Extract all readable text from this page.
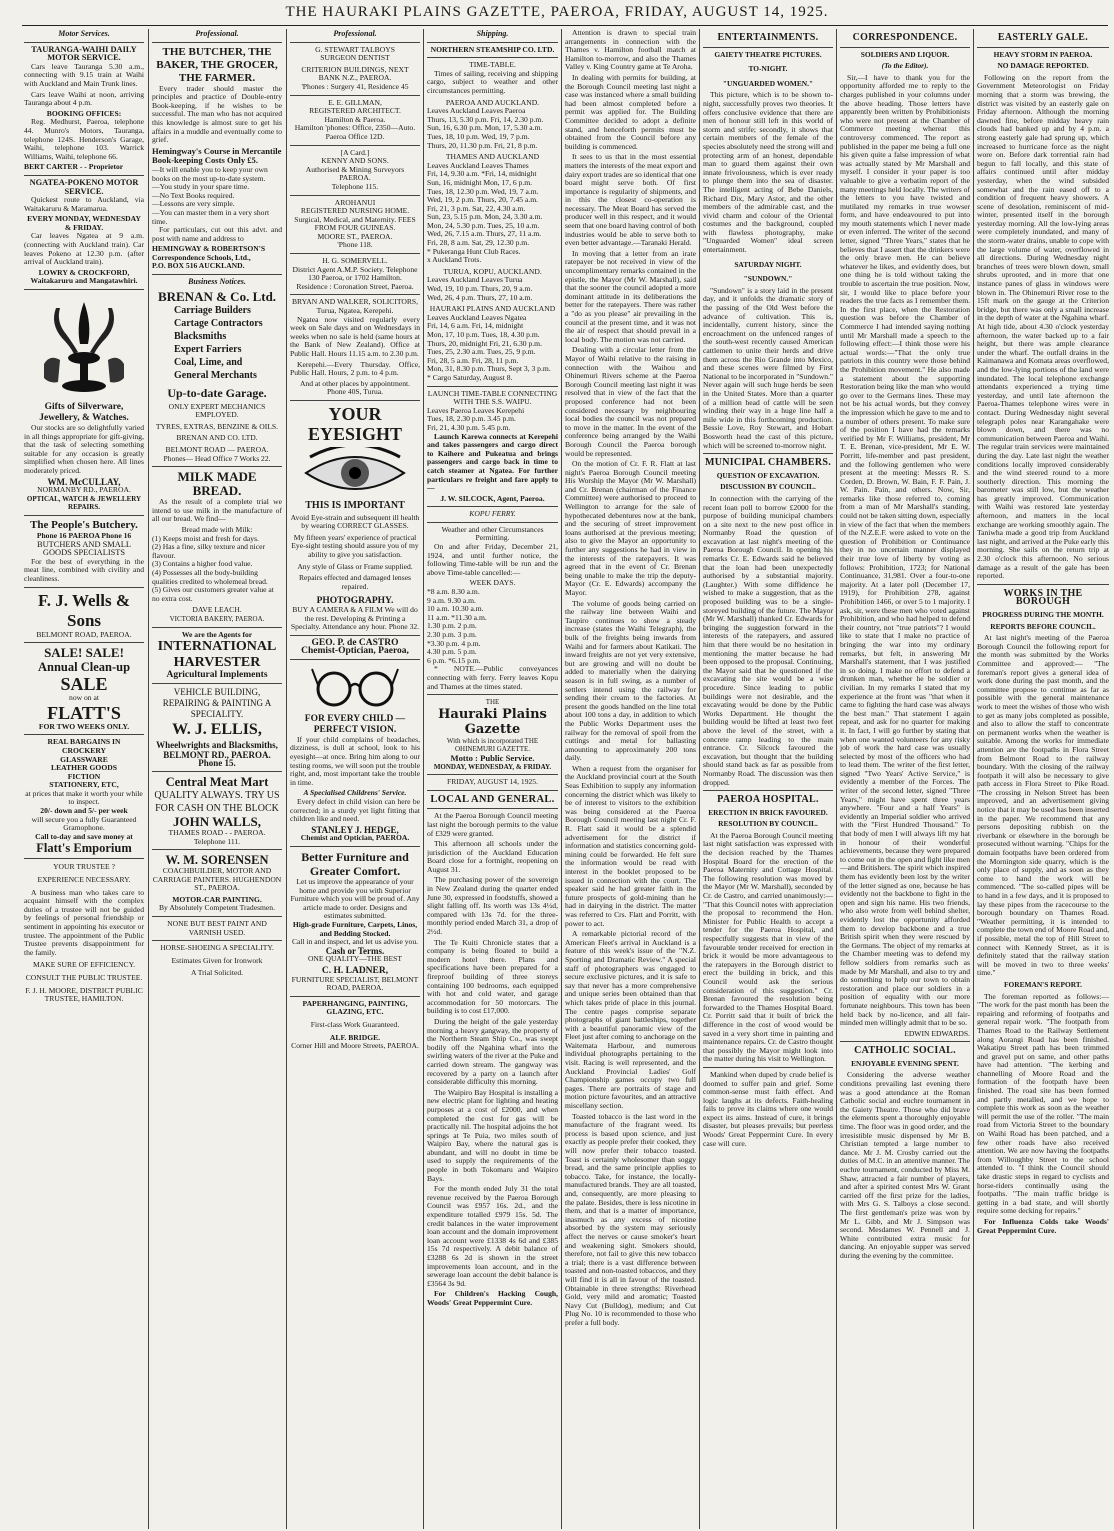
THE HAURAKI PLAINS GAZETTE, PAEROA, FRIDAY, AUGUST 14, 1925.
Motor Services.
TAURANGA-WAIHI DAILY MOTOR SERVICE.
Cars leave Tauranga 5.30 a.m., connecting with 9.15 train at Waihi with Auckland and Main Trunk lines.
Cars leave Waihi at noon, arriving Tauranga about 4 p.m.
BOOKING OFFICES:
Reg. Medhurst, Paeroa, telephone 44. Munro's Motors, Tauranga, telephone 124S. Henderson's Garage, Waihi, telephone 103. Warrick Williams, Waihi, telephone 66.
BERT CARTER - - Proprietor
NGATEA-POKENO MOTOR SERVICE.
Quickest route to Auckland, via Waitakaruru & Maramarua.
EVERY MONDAY, WEDNESDAY & FRIDAY.
Car leaves Ngatea at 9 a.m. (connecting with Auckland train). Car leaves Pokeno at 12.30 p.m. (after arrival of Auckland train).
LOWRY & CROCKFORD, Waitakaruru and Mangatawhiri.
Gifts of Silverware, Jewellery, & Watches.
Our stocks are so delightfully varied in all things appropriate for gift-giving, that the task of selecting something suitable for any occasion is greatly simplified when chosen here. All lines moderately priced.
WM. McCULLAY,
NORMANBY RD., PAEROA.
OPTICAL, WATCH & JEWELLERY REPAIRS.
The People's Butchery.
Phone 16 PAEROA Phone 16
BUTCHERS AND SMALL GOODS SPECIALISTS
For the best of everything in the meat line, combined with civility and cleanliness.
F. J. Wells & Sons
BELMONT ROAD, PAEROA.
SALE! SALE!
Annual Clean-up
SALE
now on at
FLATT'S
FOR TWO WEEKS ONLY.
REAL BARGAINS IN
CROCKERY
GLASSWARE
LEATHER GOODS
FICTION
STATIONERY, ETC,
at prices that make it worth your while to inspect.
20/- down and 5/- per week
will secure you a fully Guaranteed Gramophone.
Call to-day and save money at
Flatt's Emporium
YOUR TRUSTEE ?
EXPERIENCE NECESSARY.
A business man who takes care to acquaint himself with the complex duties of a trustee will not be guided by feelings of personal friendship or sentiment in appointing his executor or trustee. The appointment of the Public Trustee prevents disappointment for the family.
MAKE SURE OF EFFICIENCY.
CONSULT THE PUBLIC TRUSTEE.
F. J. H. MOORE, DISTRICT PUBLIC TRUSTEE, HAMILTON.
Professional.
THE BUTCHER, THE BAKER, THE GROCER, THE FARMER.
Every trader should master the principles and practice of Double-entry Book-keeping, if he wishes to be successful. The man who has not acquired this knowledge is almost sure to get his affairs in a muddle and eventually come to grief.
Hemingway's Course in Mercantile Book-keeping Costs Only £5.
—It will enable you to keep your own books on the most up-to-date system.
—You study in your spare time.
—No Text Books required.
—Lessons are very simple.
—You can master them in a very short time.
For particulars, cut out this advt. and post with name and address to
HEMINGWAY & ROBERTSON'S Correspondence Schools, Ltd.,
P.O. BOX 516 AUCKLAND.
Business Notices.
BRENAN & Co. Ltd.
Carriage Builders
Cartage Contractors
Blacksmiths
Expert Farriers
Coal, Lime, and
General Merchants
Up-to-date Garage.
ONLY EXPERT MECHANICS EMPLOYED.
TYRES, EXTRAS, BENZINE & OILS.
BRENAN AND CO. LTD.
BELMONT ROAD — PAEROA.
Phones— Head Office 7 Works 22.
MILK MADE BREAD.
As the result of a complete trial we intend to use milk in the manufacture of all our bread. We find—
Bread made with Milk:
(1) Keeps moist and fresh for days.
(2) Has a fine, silky texture and nicer flavour.
(3) Contains a higher food value.
(4) Possesses all the body-building qualities credited to wholemeal bread.
(5) Gives our customers greater value at no extra cost.
DAVE LEACH.
VICTORIA BAKERY, PAEROA.
We are the Agents for
INTERNATIONAL HARVESTER
Agricultural Implements
VEHICLE BUILDING, REPAIRING & PAINTING A SPECIALITY.
W. J. ELLIS,
Wheelwrights and Blacksmiths,
BELMONT RD., PAEROA.
Phone 15.
Central Meat Mart
QUALITY ALWAYS. TRY US FOR CASH ON THE BLOCK
JOHN WALLS,
THAMES ROAD - - PAEROA.
Telephone 111.
W. M. SORENSEN
COACHBUILDER, MOTOR AND CARRIAGE PAINTERS. HUGHENDON ST., PAEROA.
MOTOR-CAR PAINTING.
By Absolutely Competent Tradesmen.
NONE BUT BEST PAINT AND VARNISH USED.
HORSE-SHOEING A SPECIALITY.
Estimates Given for Ironwork
A Trial Solicited.
Professional.
G. STEWART TALBOYS
SURGEON DENTIST
CRITERION BUILDINGS, NEXT BANK N.Z., PAEROA.
'Phones : Surgery 41, Residence 45
E. E. GILLMAN,
REGISTERED ARCHITECT.
Hamilton & Paeroa.
Hamilton 'phones: Office, 2350—Auto. Paeroa Office 12D.
[A Card.]
KENNY AND SONS.
Authorised & Mining Surveyors PAEROA.
Telephone 115.
AROHANUI
REGISTERED NURSING HOME. Surgical, Medical, and Maternity. FEES FROM FOUR GUINEAS.
MOORE ST., PAEROA.
'Phone 118.
H. G. SOMERVELL.
District Agent A.M.P. Society. Telephone 130 Paeroa, or 1702 Hamilton.
Residence : Coronation Street, Paeroa.
BRYAN AND WALKER, SOLICITORS,
Turua, Ngatea, Kerepehi.
Ngatea now visited regularly every week on Sale days and on Wednesdays in weeks when no sale is held (same hours at the Bank of New Zealand). Office at Public Hall. Hours 11.15 a.m. to 2.30 p.m.
Kerepehi.—Every Thursday. Office, Public Hall. Hours, 2 p.m. to 4 p.m.
And at other places by appointment.
Phone 40S, Turua.
YOUR EYESIGHT
THIS IS IMPORTANT
Avoid Eye-strain and subsequent ill health by wearing CORRECT GLASSES.
My fifteen years' experience of practical Eye-sight testing should assure you of my ability to give you satisfaction.
Any style of Glass or Frame supplied.
Repairs effected and damaged lenses repaired.
PHOTOGRAPHY.
BUY A CAMERA & A FILM We will do the rest. Developing & Printing a Specialty. Attendance any hour. Phone 32.
GEO. P. de CASTRO
Chemist-Optician, Paeroa,
FOR EVERY CHILD —PERFECT VISION.
If your child complains of headaches, dizziness, is dull at school, look to his eyesight—at once. Bring him along to our testing rooms, we will soon put the trouble right, and, most important take the trouble in time.
A Specialised Childrens' Service.
Every defect in child vision can here be corrected; in a sturdy yet light fitting that children like and need.
STANLEY J. HEDGE,
Chemist and Optician, PAEROA.
Better Furniture and Greater Comfort.
Let us improve the appearance of your home and provide you with Superior Furniture which you will be proud of. Any article made to order. Designs and estimates submitted.
High-grade Furniture, Carpets, Linos, and Bedding Stocked.
Call in and inspect, and let us advise you.
Cash or Terms.
ONE QUALITY—THE BEST
C. H. LADNER,
FURNITURE SPECIALIST, BELMONT ROAD, PAEROA.
PAPERHANGING, PAINTING, GLAZING, ETC.
First-class Work Guaranteed.
ALF. BRIDGE.
Corner Hill and Moore Streets, PAEROA.
Shipping.
NORTHERN STEAMSHIP CO. LTD.
TIME-TABLE.
Times of sailing, receiving and shipping cargo, subject to weather and other circumstances permitting.
PAEROA AND AUCKLAND.
Leaves Auckland Leaves Paeroa
Thurs, 13, 5.30 p.m. Fri, 14, 2.30 p.m.
Sun, 16, 6.30 p.m. Mon, 17, 5.30 a.m.
Tues, 18, 10 p.m. Wed, 19, 7 p.m.
Thurs, 20, 11.30 p.m. Fri, 21, 8 p.m.
THAMES AND AUCKLAND
Leaves Auckland Leaves Thames
Fri, 14, 9.30 a.m. *Fri, 14, midnight
Sun, 16, midnight Mon, 17, 6 p.m.
Tues, 18, 12.30 p.m. Wed, 19, 7 a.m.
Wed, 19, 2 p.m. Thurs, 20, 7.45 a.m.
Fri, 21, 3 p.m. Sat, 22, 4.30 a.m.
Sun, 23, 5.15 p.m. Mon, 24, 3.30 a.m.
Mon, 24, 5.30 p.m. Tues, 25, 10 a.m.
Wed, 26, 7.15 a.m. Thurs, 27, 11 a.m.
Fri, 28, 8 a.m. Sat, 29, 12.30 p.m.
* Pukeranga Hunt Club Races.
x Auckland Trots.
TURUA, KOPU, AUCKLAND.
Leaves Auckland Leaves Turua
Wed, 19, 10 p.m. Thurs, 20, 9 a.m.
Wed, 26, 4 p.m. Thurs, 27, 10 a.m.
HAURAKI PLAINS AND AUCKLAND
Leaves Auckland Leaves Ngatea
Fri, 14, 6 a.m. Fri, 14, midnight
Mon, 17, 10 p.m. Tues, 18, 4.30 p.m.
Thurs, 20, midnight Fri, 21, 6.30 p.m.
Tues, 25, 2.30 a.m. Tues, 25, 9 p.m.
Fri, 28, 5 a.m. Fri, 28, 11 p.m.
Mon, 31, 8.30 p.m. Thurs, Sept 3, 3 p.m.
* Cargo Saturday, August 8.
LAUNCH TIME-TABLE CONNECTING WITH THE S.S. WAIPU.
Leaves Paeroa Leaves Kerepehi
Tues, 18, 2.30 p.m. 3.45 p.m.
Fri, 21, 4.30 p.m. 5.45 p.m.
Launch Karewa connects at Kerepehi and takes passengers and cargo direct to Kaihere and Pukeatua and brings passengers and cargo back in time to catch steamer at Ngatea. For further particulars re freight and fare apply to—
J. W. SILCOCK, Agent, Paeroa.
KOPU FERRY.
Weather and other Circumstances Permitting.
On and after Friday, December 21, 1924, and until further notice, the following Time-table will be run and the above Time-table cancelled:—
WEEK DAYS.
*8 a.m. 8.30 a.m.
9 a.m. 9.30 a.m.
10 a.m. 10.30 a.m.
11 a.m. *11.30 a.m.
1.30 p.m. 2 p.m.
2.30 p.m. 3 p.m.
*3.30 p.m. 4 p.m.
4.30 p.m. 5 p.m.
6 p.m. *6.15 p.m.
* NOTE.—Public conveyances connecting with ferry. Ferry leaves Kopu and Thames at the times stated.
THE
Hauraki Plains Gazette
With which is incorporated THE OHINEMURI GAZETTE.
Motto : Public Service.
MONDAY, WEDNESDAY, & FRIDAY.
FRIDAY, AUGUST 14, 1925.
LOCAL AND GENERAL.
At the Paeroa Borough Council meeting last night the borough permits to the value of £329 were granted.
This afternoon all schools under the jurisdiction of the Auckland Education Board close for a fortnight, reopening on August 31.
The purchasing power of the sovereign in New Zealand during the quarter ended June 30, expressed in foodstuffs, showed a slight falling off. Its worth was 13s 4½d, compared with 13s 7d. for the three-monthly period ended March 31, a drop of 2½d.
The Te Kuiti Chronicle states that a company is being floated to build a modern hotel there. Plans and specifications have been prepared for a fireproof building of three storeys containing 100 bedrooms, each equipped with hot and cold water, and garage accommodation for 50 motorcars. The building is to cost £17,000.
During the height of the gale yesterday morning a heavy gangway, the property of the Northern Steam Ship Co., was swept bodily off the Ngahina wharf into the swirling waters of the river at the Puke and carried down stream. The gangway was recovered by a party on a launch after considerable difficulty this morning.
The Waipiro Bay Hospital is installing a new electric plant for lighting and heating purposes at a cost of £2000, and when completed the cost for gas will be practically nil. The hospital adjoins the hot springs at Te Puia, two miles south of Waipiro Bay, where the natural gas is abundant, and will no doubt in time be used to supply the requirements of the people in both Tokomaru and Waipiro Bays.
For the month ended July 31 the total revenue received by the Paeroa Borough Council was £957 16s. 2d., and the expenditure totalled £979 15s. 5d. The credit balances in the water improvement loan account and the domain improvement loan account were £1338 4s 6d and £385 15s 7d respectively. A debit balance of £3288 6s 2d is shown in the street improvements loan account, and in the sewerage loan account the debit balance is £3564 3s 9d.
For Children's Hacking Cough, Woods' Great Peppermint Cure.
Attention is drawn to special train arrangements in connection with the Thames v. Hamilton football match at Hamilton to-morrow, and also the Thames Valley v. King Country game at Te Aroha.
In dealing with permits for building, at the Borough Council meeting last night a case was instanced where a small building had been almost completed before a permit was applied for. The Building Committee decided to adopt a definite stand, and henceforth permits must be obtained from the Council before any building is commenced.
It sees to us that in the most essential matters the interests of the meat export and dairy export trades are so identical that one board might serve both. Of first importance is regularity of shipments, and in this the closest co-operation is necessary. The Meat Board has served the producer well in this respect, and it would seem that one board having control of both industries would be able to serve both to even better advantage.—Taranaki Herald.
In moving that a letter from an irate ratepayer be not received in view of the uncomplimentary remarks contained in the epistle, the Mayor (Mr W. Marshall), said that the sooner the council adopted a more dominant attitude in its deliberations the better for the ratepayers. There was rather a "do as you please" air prevailing in the council at the present time, and it was not the air of respect that should prevail in a local body. The motion was not carried.
Dealing with a circular letter from the Mayor of Waihi relative to the raising in connection with the Waihou and Ohinemuri Rivers scheme at the Paeroa Borough Council meeting last night it was resolved that in view of the fact that the proposed conference had not been considered necessary by neighbouring local bodies the council was not prepared to move in the matter. In the event of the conference being arranged by the Waihi Borough Council the Paeroa borough would be represented.
On the motion of Cr. F. R. Flatt at last night's Paeroa Borough Council meeting His Worship the Mayor (Mr W. Marshall) and Cr. Brenan (chairman of the Finance Committee) were authorised to proceed to Wellington to arrange for the sale of hypothecated debentures now at the bank, and the securing of street improvement loans authorised at the previous meeting; also to give the Mayor an opportunity to further any suggestions he had in view in the interests of the ratepayers. It was agreed that in the event of Cr. Brenan being unable to make the trip the deputy-Mayor (Cr. E. Edwards) accompany the Mayor.
The volume of goods being carried on the railway line between Waihi and Taupiro continues to show a steady increase (states the Waihi Telegraph), the bulk of the freights being inwards from Waihi and for farmers about Katikati. The inward freights are not yet very extensive, but are growing and will no doubt be added to materially when the dairying season is in full swing, as a number of settlers intend using the railway for sending their cream to the factories. At present the goods handled on the line total about 100 tons a day, in addition to which the Public Works Department uses the railway for the removal of spoil from the cuttings and metal for ballasting amounting to approximately 200 tons daily.
When a request from the organiser for the Auckland provincial court at the South Seas Exhibition to supply any information concerning the district which was likely to be of interest to visitors to the exhibition was being considered at the Paeroa Borough Council meeting last night Cr. F. R. Flatt said it would be a splendid advertisement for the district if information and statistics concerning gold-mining could be forwarded. He felt sure the information would be read with interest in the booklet proposed to be issued in connection with the court. The speaker said he had greater faith in the future prospects of gold-mining than he had in dairying in the district. The matter was referred to Crs. Flatt and Porritt, with power to act.
A remarkable pictorial record of the American Fleet's arrival in Auckland is a feature of this week's issue of the "N.Z. Sporting and Dramatic Review." A special staff of photographers was engaged to secure exclusive pictures, and it is safe to say that never has a more comprehensive and unique series been obtained than that which takes pride of place in this journal. The centre pages comprise separate photographs of giant battleships, together with a beautiful panoramic view of the Fleet just after coming to anchorage on the Waitemata Harbour, and numerous individual photographs pertaining to the visit. Racing is well represented, and the Auckland Provincial Ladies' Golf Championship games occupy two full pages. There are portraits of stage and motion picture favourites, and an attractive miscellany section.
Toasted tobacco is the last word in the manufacture of the fragrant weed. Its process is based upon science, and just exactly as people prefer their cooked, they will now prefer their tobacco toasted. Toast is certainly wholesomer than soggy bread, and the same principle applies to tobacco. Take, for instance, the locally-manufactured brands. They are all toasted, and, consequently, are more pleasing to the palate. Besides, there is less nicotine in them, and that is a matter of importance, inasmuch as any excess of nicotine absorbed by the system may seriously affect the nerves or cause smoker's heart and weakening sight. Smokers should, therefore, not fail to give this new tobacco a trial; there is a vast difference between toasted and non-toasted tobaccos, and they will find it is all in favour of the toasted. Obtainable in three strengths: Riverhead Gold, very mild and aromatic; Toasted Navy Cut (Bulldog), medium; and Cut Plug No. 10 is recommended to those who prefer a full body.
ENTERTAINMENTS.
GAIETY THEATRE PICTURES.
TO-NIGHT.
"UNGUARDED WOMEN."
This picture, which is to be shown to-night, successfully proves two theories. It offers conclusive evidence that there are men of honour still left in this world of storm and strife; secondly, it shows that certain members of the female of the species absolutely need the strong will and protecting arm of an honest, dependable man to guard them against their own innate frivolousness, which is ever ready to plunge them into the sea of disaster. The intelligent acting of Bebe Daniels, Richard Dix, Mary Astor, and the other members of the admirable cast, and the vivid charm and colour of the Oriental costumes and the background, coupled with flawless photography, make "Unguarded Women" ideal screen entertainment.
SATURDAY NIGHT.
"SUNDOWN."
"Sundown" is a story laid in the present day, and it unfolds the dramatic story of the passing of the Old West before the advance of cultivation. This is, incidentally, current history, since the encroachment on the unfenced ranges of the south-west recently caused American cattlemen to unite their herds and drive them across the Rio Grande into Mexico, and these scenes were filmed by First National to be incorporated in "Sundown." Never again will such huge herds be seen in the United States. More than a quarter of a million head of cattle will be seen winding their way in a huge line half a mile wide in this forthcoming production. Bessie Love, Roy Stewart, and Hobart Bosworth head the cast of this picture, which will be screened to-morrow night.
MUNICIPAL CHAMBERS.
QUESTION OF EXCAVATION.
DISCUSSION BY COUNCIL.
In connection with the carrying of the recent loan poll to borrow £2000 for the purpose of building municipal chambers on a site next to the new post office in Normanby Road the question of excavation at last night's meeting of the Paeroa Borough Council. In opening his remarks Cr. E. Edwards said he believed that the loan had been unexpectedly authorised by a substantial majority. (Laughter.) With some diffidence he wished to make a suggestion, that as the proposed building was to be a single-storeyed building of the future. The Mayor (Mr W. Marshall) thanked Cr. Edwards for bringing the suggestion forward in the interests of the ratepayers, and assured him that there would be no hesitation in mentioning the matter because he had been opposed to the proposal. Continuing, the Mayor said that he questioned if the excavating the site would be a wise procedure. Since leading to public buildings were not desirable, and the excavating would be done by the Public Works Department. He thought the building would be lifted at least two feet above the level of the street, with a concrete ramp leading to the main entrance. Cr. Silcock favoured the excavation, but thought that the building should stand back as far as possible from Normanby Road. The discussion was then dropped.
PAEROA HOSPITAL.
ERECTION IN BRICK FAVOURED.
RESOLUTION BY COUNCIL.
At the Paeroa Borough Council meeting last night satisfaction was expressed with the decision reached by the Thames Hospital Board for the erection of the Paeroa Maternity and Cottage Hospital. The following resolution was moved by the Mayor (Mr W. Marshall), seconded by Cr. de Castro, and carried unanimously:— "That this Council notes with appreciation the proposal to recommend the Hon. Minister for Public Health to accept a tender for the Paeroa Hospital, and respectfully suggests that in view of the favourable tender received for erection in brick it would be more advantageous to the ratepayers in the Borough district to erect the building in brick, and this Council would ask the serious consideration of this suggestion." Cr. Brenan favoured the resolution being forwarded to the Thames Hospital Board. Cr. Porritt said that it built of brick the difference in the cost of wood would be saved in a very short time in painting and maintenance repairs. Cr. de Castro thought that possibly the Mayor might look into the matter during his visit to Wellington.
Mankind when duped by crude belief is doomed to suffer pain and grief. Some common-sense must faith effect. And logic laughs at its defects. Faith-healing fails to prove its claims where one would expect its aims. Instead of cure, it brings disaster, but pleases prevails; but peerless Woods' Great Peppermint Cure. In every case will cure.
CORRESPONDENCE.
SOLDIERS AND LIQUOR.
(To the Editor).
Sir,—I have to thank you for the opportunity afforded me to reply to the charges published in your columns under the above heading. Those letters have apparently been written by Prohibitionists who were not present at the Chamber of Commerce meeting whereat this controversy commenced. The report as published in the paper me being a full one his given quite a false impression of what was actually stated by Mr Marshall and myself. I consider it your paper is too valuable to give a verbatim report of the many meetings held locally. The writers of the letters to you have twisted and mutilated my remarks in true wowser form, and have endeavoured to put into my mouth statements which I never made or even inferred. The writer of the second letter, signed "Three Years," states that he believes that I assert that the drinkers were the only brave men. He can believe whatever he likes, and evidently does, but one thing he is told without taking the trouble to ascertain the true position. Now, sir, I would like to place before your readers the true facts as I remember them. In the first place, when the Restoration question was before the Chamber of Commerce I had intended saying nothing until Mr Marshall made a speech to the following effect:—I think those were his actual words:—"That the only true patriots in this country were those behind the Prohibition movement." He also made a statement about the supporting Restoration being like the man who would go over to the Germans lines. These may not be his actual words, but they convey the impression which he gave to me and to a number of others present. To make sure of the position I have had the remarks verified by Mr F. Williams, president, Mr T. E. Brenan, vice-president, Mr E. W. Porritt, life-member and past president, and the following gentlemen who were present at the meeting: Messrs R. S. Corden, D. Brown, W. Bain, F. F. Pain, J. W. Pain. Pain, and others. Now, Sir, remarks like those referred to, coming from a man of Mr Marshall's standing, could not be taken sitting down, especially in view of the fact that when the members of the N.Z.E.F. were asked to vote on the question of Prohibition or Continuance they in no uncertain manner displayed their true love of liberty by voting as follows: Prohibition, 1723; for National Continuance, 31,981. Over a four-to-one majority. At a later poll (December 17, 1919), for Prohibition 278, against Prohibition 1466, or over 5 to 1 majority. I ask, sir, were these men who voted against Prohibition, and who had helped to defend their country, not "true patriots"? I would like to state that I make no practice of bringing the war into my ordinary remarks, but felt, in answering Mr Marshall's statement, that I was justified in so doing. I make no effort to defend a drunken man, whether he be soldier or civilian. In my remarks I stated that my experience at the front was "that when it came to fighting the hard case was always the best man." That statement I again repeat, and ask for no quarter for making it. In fact, I will go further by stating that when one wanted volunteers for any risky job of work the hard case was usually selected by most of the officers who had to lead them. The writer of the first letter, signed "Two Years' Active Service," is evidently a member of the Forces. The writer of the second letter, signed "Three Years," might have spent three years anywhere. "Four and a half Years" is evidently an Imperial soldier who arrived with the "First Hundred Thousand." To that body of men I will always lift my hat in honour of their wonderful achievements, because they were prepared to come out in the open and fight like men—and Britishers. The spirit which inspired them has evidently been lost by the writer of the letter signed as one, because he has evidently not the backbone to fight in the open and sign his name. His two friends, who also wrote from well behind shelter, evidently lost the opportunity afforded them to develop backbone and a true British spirit when they were rescued by the Germans. The object of my remarks at the Chamber meeting was to defend my fellow soldiers from remarks such as made by Mr Marshall, and also to try and do something to help our town to obtain restoration and place our soldiers in a position of equality with our more fortunate neighbours. This town has been held back by no-licence, and all fair-minded men willingly admit that to be so.
EDWIN EDWARDS.
CATHOLIC SOCIAL.
ENJOYABLE EVENING SPENT.
Considering the adverse weather conditions prevailing last evening there was a good attendance at the Roman Catholic social and euchre tournament in the Gaiety Theatre. Those who did brave the elements spent a thoroughly enjoyable time. The floor was in good order, and the irresistible music dispensed by Mr B. Christian tempted a large number to dance. Mr J. M. Crosby carried out the duties of M.C. in an attentive manner. The euchre tournament, conducted by Miss M. Shaw, attracted a fair number of players, and after a spirited contest Mrs W. Grant carried off the first prize for the ladies, with Mrs G. S. Talboys a close second. The first gentleman's prize was won by Mr L. Gibb, and Mr J. Simpson was second. Mesdames W. Pennell and J. White contributed extra music for dancing. An enjoyable supper was served during the evening by the committee.
EASTERLY GALE.
HEAVY STORM IN PAEROA.
NO DAMAGE REPORTED.
Following on the report from the Government Meteorologist on Friday morning that a storm was brewing, the district was visited by an easterly gale on Friday afternoon. Although the morning dawned fine, before midday heavy rain clouds had banked up and by 4 p.m. a strong easterly gale had sprung up, which increased to hurricane force as the night wore on. Before dark torrential rain had begun to fall locally, and this state of affairs continued until after midday yesterday, when the wind subsided somewhat and the rain eased off to a condition of frequent heavy showers. A scene of desolation, reminiscent of mid-winter, presented itself in the borough yesterday morning. All the low-lying areas were completely inundated, and many of the storm-water drains, unable to cope with the large volume of water, overflowed in all directions. During Wednesday night branches of trees were blown down, small shrubs uprooted, and in more that one instance panes of glass in windows were blown in. The Ohinemuri River rose to the 15ft mark on the gauge at the Criterion bridge, but there was only a small increase in the depth of water at the Ngahina wharf. At high tide, about 4.30 o'clock yesterday afternoon, the water backed up to a fair height, but there was ample clearance under the wharf. The outfall drains in the Kaimanawa and Komata areas overflowed, and the low-lying portions of the land were inundated. The local telephone exchange attendants experienced a trying time yesterday, and until late afternoon the Paeroa-Thames telephone wires were in contact. During Wednesday night several telegraph poles near Karangahake were blown down, and there was no communication between Paeroa and Waihi. The regular train services were maintained during the day. Late last night the weather conditions locally improved considerably and the wind steered round to a more southerly direction. This morning the barometer was still low, but the weather has greatly improved. Communication with Waihi was restored late yesterday afternoon, and matters in the local exchange are working smoothly again. The Taniwha made a good trip from Auckland last night, and arrived at the Puke early this morning. She sails on the return trip at 2.30 o'clock this afternoon. No serious damage as a result of the gale has been reported.
WORKS IN THE BOROUGH
PROGRESS DURING THE MONTH.
REPORTS BEFORE COUNCIL.
At last night's meeting of the Paeroa Borough Council the following report for the month was submitted by the Works Committee and approved:— "The foreman's report gives a general idea of work done during the past month, and the committee propose to continue as far as possible with the general maintenance work to meet the wishes of those who wish to get as many jobs completed as possible, and also to allow the staff to concentrate on permanent works when the weather is suitable. Among the works for immediate attention are the footpaths in Flora Street from Belmont Road to the railway boundary. With the closing of the railway footpath it will also be necessary to give path access in Flora Street to Pike Road. "The crossing in Nelson Street has been improved, and an advertisement giving notice that it may be used has been inserted in the paper. We recommend that any persons depositing rubbish on the riverbank or elsewhere in the borough be prosecuted without warning. "Chips for the domain footpaths have been ordered from the Mornington side quarry, which is the only place of supply, and as soon as they come to hand the work will be commenced. "The so-called pipes will be to hand in a few days, and it is proposed to lay these pipes from the racecourse to the borough boundary on Thames Road. "Weather permitting, it is intended to complete the town end of Moore Road and, if possible, metal the top of Hill Street to connect with Kennedy Street, as it is definitely stated that the railway station will be moved in two to three weeks' time."
FOREMAN'S REPORT.
The foreman reported as follows:— "The work for the past month has been the repairing and reforming of footpaths and general repair work. "The footpath from Thames Road to the Railway Settlement along Aorangi Road has been finished. Wakatipu Street path has been trimmed and gravel put on same, and other paths have had attention. "The kerbing and channelling of Moore Road and the formation of the footpath have been finished. The road site has been formed and partly metalled, and we hope to complete this work as soon as the weather will permit the use of the roller. "The main road from Victoria Street to the boundary on Waihi Road has been patched, and a few other roads have also received attention. We are now having the footpaths from Willoughby Street to the school attended to. "I think the Council should take drastic steps in regard to cyclists and horse-riders continually using the footpaths. "The main traffic bridge is getting in a bad state, and will shortly require some decking for repairs."
For Influenza Colds take Woods' Great Peppermint Cure.
